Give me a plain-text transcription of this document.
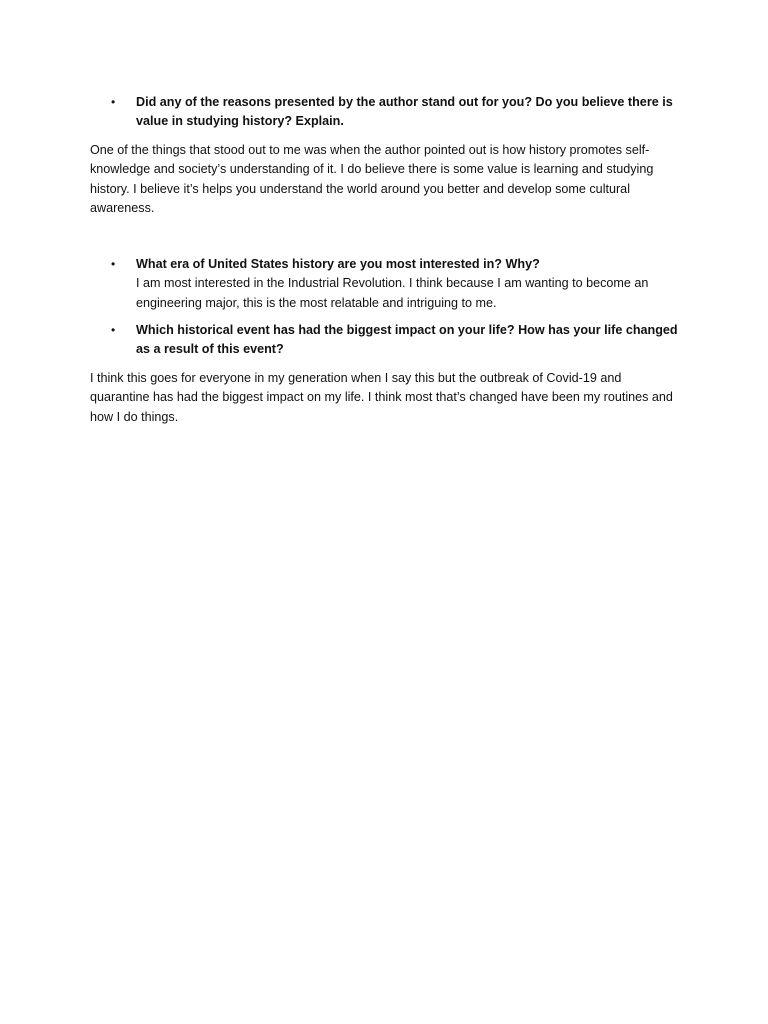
•	Did any of the reasons presented by the author stand out for you? Do you believe there is value in studying history? Explain.
One of the things that stood out to me was when the author pointed out is how history promotes self-knowledge and society’s understanding of it. I do believe there is some value is learning and studying history. I believe it’s helps you understand the world around you better and develop some cultural awareness.
•	What era of United States history are you most interested in? Why?
I am most interested in the Industrial Revolution. I think because I am wanting to become an engineering major, this is the most relatable and intriguing to me.
•	Which historical event has had the biggest impact on your life? How has your life changed as a result of this event?
I think this goes for everyone in my generation when I say this but the outbreak of Covid-19 and quarantine has had the biggest impact on my life. I think most that’s changed have been my routines and how I do things.
